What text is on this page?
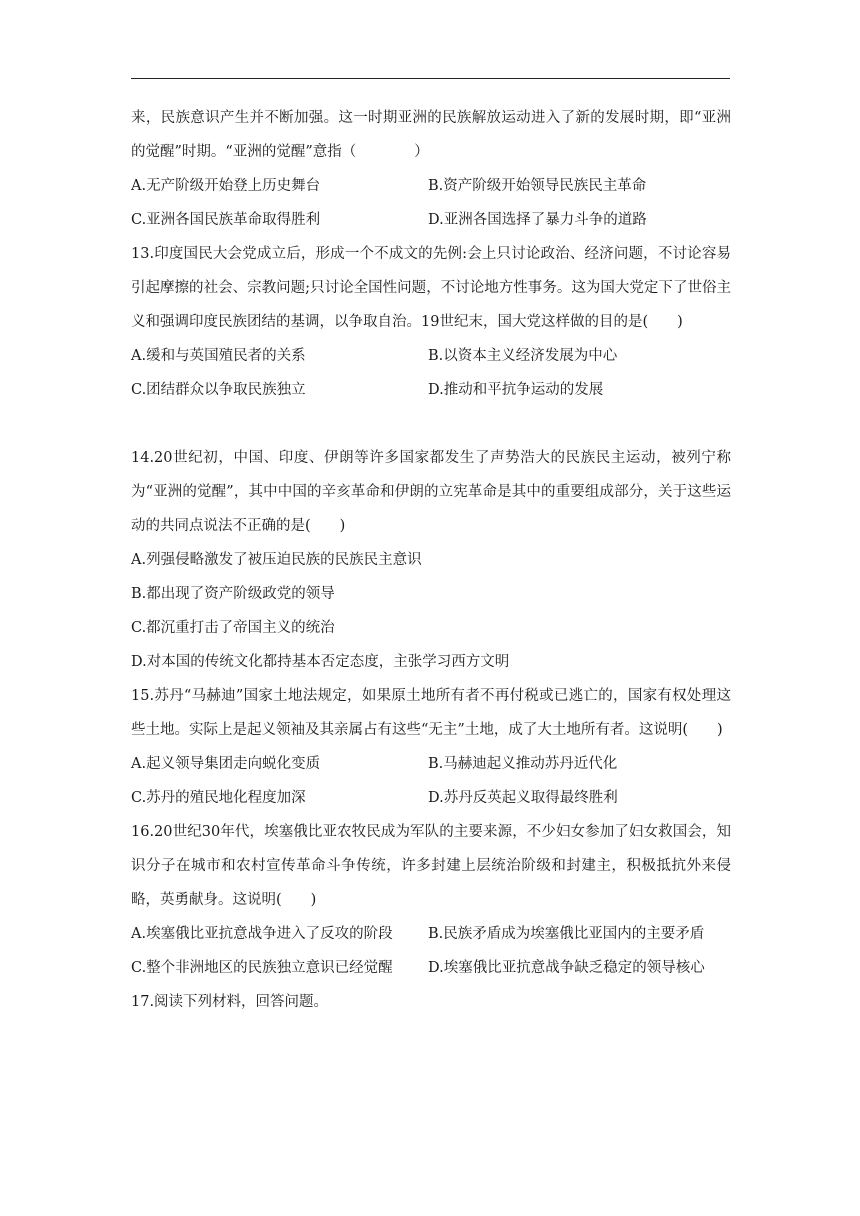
来，民族意识产生并不断加强。这一时期亚洲的民族解放运动进入了新的发展时期，即“亚洲的觉醒”时期。“亚洲的觉醒”意指（　　　　）

A.无产阶级开始登上历史舞台	B.资产阶级开始领导民族民主革命
C.亚洲各国民族革命取得胜利	D.亚洲各国选择了暴力斗争的道路

13.印度国民大会党成立后，形成一个不成文的先例:会上只讨论政治、经济问题，不讨论容易引起摩擦的社会、宗教问题;只讨论全国性问题，不讨论地方性事务。这为国大党定下了世俗主义和强调印度民族团结的基调，以争取自治。19世纪末，国大党这样做的目的是(　　)

A.缓和与英国殖民者的关系	B.以资本主义经济发展为中心
C.团结群众以争取民族独立	D.推动和平抗争运动的发展

14.20世纪初，中国、印度、伊朗等许多国家都发生了声势浩大的民族民主运动，被列宁称为“亚洲的觉醒”，其中中国的辛亥革命和伊朗的立宪革命是其中的重要组成部分，关于这些运动的共同点说法不正确的是(　　)

A.列强侵略激发了被压迫民族的民族民主意识

B.都出现了资产阶级政党的领导

C.都沉重打击了帝国主义的统治

D.对本国的传统文化都持基本否定态度，主张学习西方文明

15.苏丹“马赫迪”国家土地法规定，如果原土地所有者不再付税或已逃亡的，国家有权处理这些土地。实际上是起义领袖及其亲属占有这些“无主”土地，成了大土地所有者。这说明(　　)

A.起义领导集团走向蜕化变质	B.马赫迪起义推动苏丹近代化
C.苏丹的殖民地化程度加深	D.苏丹反英起义取得最终胜利

16.20世纪30年代，埃塞俄比亚农牧民成为军队的主要来源，不少妇女参加了妇女救国会，知识分子在城市和农村宣传革命斗争传统，许多封建上层统治阶级和封建主，积极抵抗外来侵略，英勇献身。这说明(　　)

A.埃塞俄比亚抗意战争进入了反攻的阶段	B.民族矛盾成为埃塞俄比亚国内的主要矛盾
C.整个非洲地区的民族独立意识已经觉醒	D.埃塞俄比亚抗意战争缺乏稳定的领导核心

17.阅读下列材料，回答问题。
